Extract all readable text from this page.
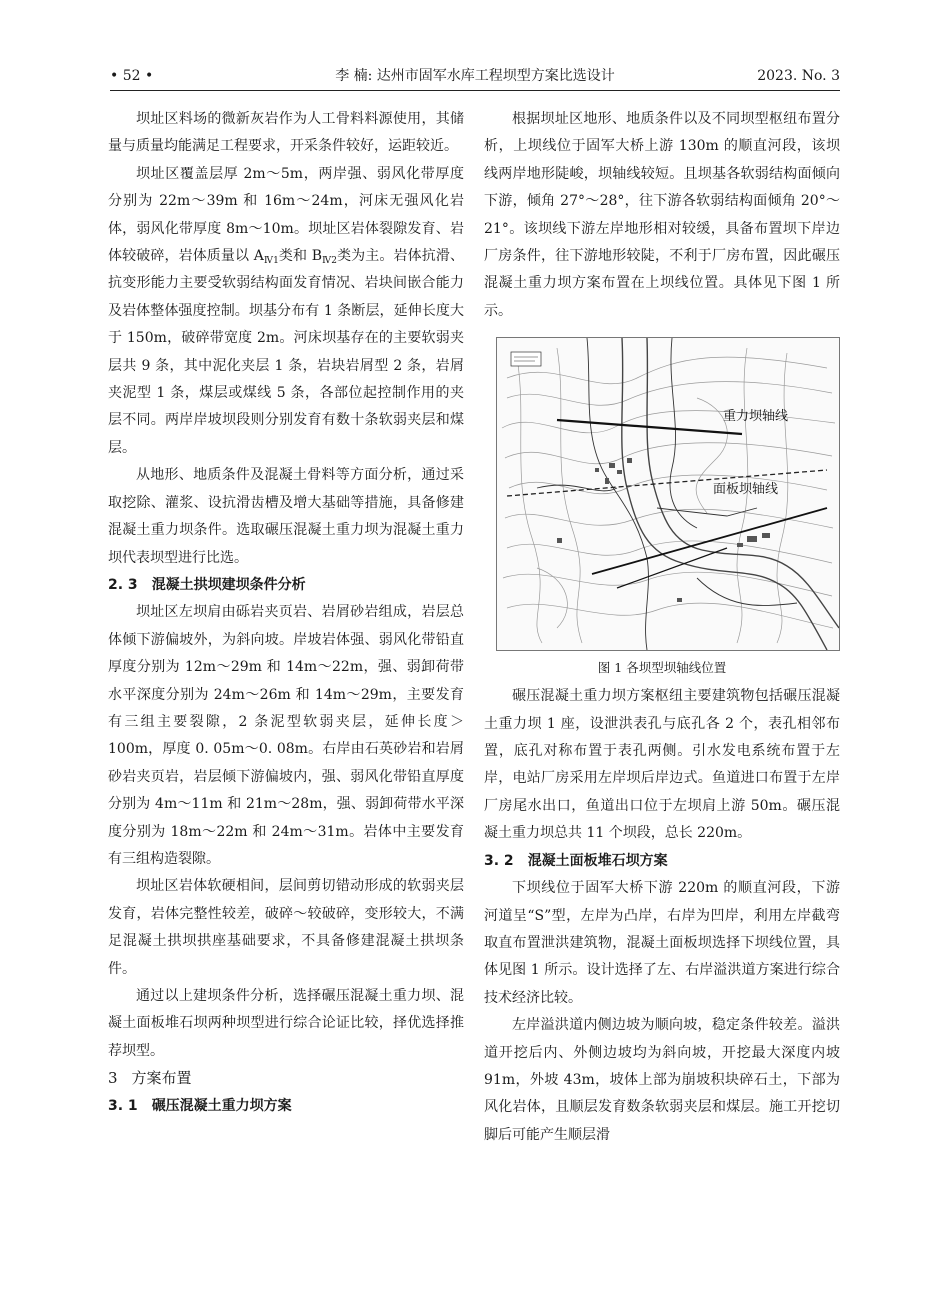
• 52 •	李 楠: 达州市固军水库工程坝型方案比选设计	2023. No. 3

坝址区料场的微新灰岩作为人工骨料料源使用，其储量与质量均能满足工程要求，开采条件较好，运距较近。

坝址区覆盖层厚 2m～5m，两岸强、弱风化带厚度分别为 22m～39m 和 16m～24m，河床无强风化岩体，弱风化带厚度 8m～10m。坝址区岩体裂隙发育、岩体较破碎，岩体质量以 $A_{Ⅳ1}$类和 $B_{Ⅳ2}$类为主。岩体抗滑、抗变形能力主要受软弱结构面发育情况、岩块间嵌合能力及岩体整体强度控制。坝基分布有 1 条断层，延伸长度大于 150m，破碎带宽度 2m。河床坝基存在的主要软弱夹层共 9 条，其中泥化夹层 1 条，岩块岩屑型 2 条，岩屑夹泥型 1 条，煤层或煤线 5 条，各部位起控制作用的夹层不同。两岸岸坡坝段则分别发育有数十条软弱夹层和煤层。

从地形、地质条件及混凝土骨料等方面分析，通过采取挖除、灌浆、设抗滑齿槽及增大基础等措施，具备修建混凝土重力坝条件。选取碾压混凝土重力坝为混凝土重力坝代表坝型进行比选。

2. 3 混凝土拱坝建坝条件分析

坝址区左坝肩由砾岩夹页岩、岩屑砂岩组成，岩层总体倾下游偏坡外，为斜向坡。岸坡岩体强、弱风化带铅直厚度分别为 12m～29m 和 14m～22m，强、弱卸荷带水平深度分别为 24m～26m 和 14m～29m，主要发育有三组主要裂隙，2 条泥型软弱夹层，延伸长度＞100m，厚度 0. 05m～0. 08m。右岸由石英砂岩和岩屑砂岩夹页岩，岩层倾下游偏坡内，强、弱风化带铅直厚度分别为 4m～11m 和 21m～28m，强、弱卸荷带水平深度分别为 18m～22m 和 24m～31m。岩体中主要发育有三组构造裂隙。

坝址区岩体软硬相间，层间剪切错动形成的软弱夹层发育，岩体完整性较差，破碎～较破碎，变形较大，不满足混凝土拱坝拱座基础要求，不具备修建混凝土拱坝条件。

通过以上建坝条件分析，选择碾压混凝土重力坝、混凝土面板堆石坝两种坝型进行综合论证比较，择优选择推荐坝型。

3 方案布置
3. 1 碾压混凝土重力坝方案

根据坝址区地形、地质条件以及不同坝型枢纽布置分析，上坝线位于固军大桥上游 130m 的顺直河段，该坝线两岸地形陡峻，坝轴线较短。且坝基各软弱结构面倾向下游，倾角 27°～28°，往下游各软弱结构面倾角 20°～21°。该坝线下游左岸地形相对较缓，具备布置坝下岸边厂房条件，往下游地形较陡，不利于厂房布置，因此碾压混凝土重力坝方案布置在上坝线位置。具体见下图 1 所示。

重力坝轴线
面板坝轴线
图 1 各坝型坝轴线位置

碾压混凝土重力坝方案枢纽主要建筑物包括碾压混凝土重力坝 1 座，设泄洪表孔与底孔各 2 个，表孔相邻布置，底孔对称布置于表孔两侧。引水发电系统布置于左岸，电站厂房采用左岸坝后岸边式。鱼道进口布置于左岸厂房尾水出口，鱼道出口位于左坝肩上游 50m。碾压混凝土重力坝总共 11 个坝段，总长 220m。

3. 2 混凝土面板堆石坝方案

下坝线位于固军大桥下游 220m 的顺直河段，下游河道呈“S”型，左岸为凸岸，右岸为凹岸，利用左岸截弯取直布置泄洪建筑物，混凝土面板坝选择下坝线位置，具体见图 1 所示。设计选择了左、右岸溢洪道方案进行综合技术经济比较。

左岸溢洪道内侧边坡为顺向坡，稳定条件较差。溢洪道开挖后内、外侧边坡均为斜向坡，开挖最大深度内坡 91m，外坡 43m，坡体上部为崩坡积块碎石土，下部为风化岩体，且顺层发育数条软弱夹层和煤层。施工开挖切脚后可能产生顺层滑
